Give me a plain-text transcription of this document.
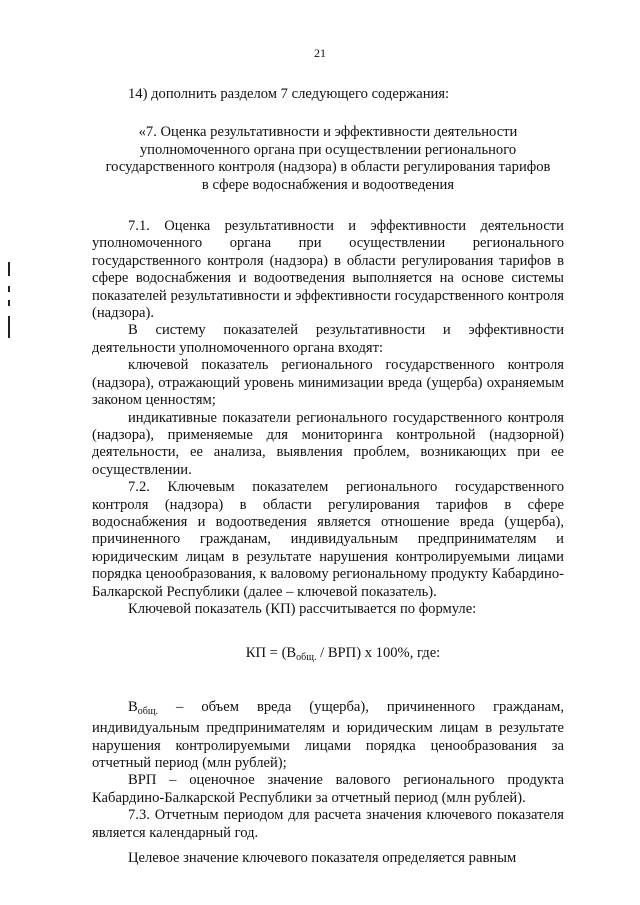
21

14) дополнить разделом 7 следующего содержания:

«7. Оценка результативности и эффективности деятельности
уполномоченного органа при осуществлении регионального
государственного контроля (надзора) в области регулирования тарифов
в сфере водоснабжения и водоотведения

7.1. Оценка результативности и эффективности деятельности уполномоченного органа при осуществлении регионального государственного контроля (надзора) в области регулирования тарифов в сфере водоснабжения и водоотведения выполняется на основе системы показателей результативности и эффективности государственного контроля (надзора).

В систему показателей результативности и эффективности деятельности уполномоченного органа входят:

ключевой показатель регионального государственного контроля (надзора), отражающий уровень минимизации вреда (ущерба) охраняемым законом ценностям;

индикативные показатели регионального государственного контроля (надзора), применяемые для мониторинга контрольной (надзорной) деятельности, ее анализа, выявления проблем, возникающих при ее осуществлении.

7.2. Ключевым показателем регионального государственного контроля (надзора) в области регулирования тарифов в сфере водоснабжения и водоотведения является отношение вреда (ущерба), причиненного гражданам, индивидуальным предпринимателям и юридическим лицам в результате нарушения контролируемыми лицами порядка ценообразования, к валовому региональному продукту Кабардино-Балкарской Республики (далее – ключевой показатель).

Ключевой показатель (КП) рассчитывается по формуле:

КП = $(В_{общ.} / ВРП)$ х 100%, где:

$В_{общ.}$ – объем вреда (ущерба), причиненного гражданам, индивидуальным предпринимателям и юридическим лицам в результате нарушения контролируемыми лицами порядка ценообразования за отчетный период (млн рублей);

ВРП – оценочное значение валового регионального продукта Кабардино-Балкарской Республики за отчетный период (млн рублей).

7.3. Отчетным периодом для расчета значения ключевого показателя является календарный год.

Целевое значение ключевого показателя определяется равным
